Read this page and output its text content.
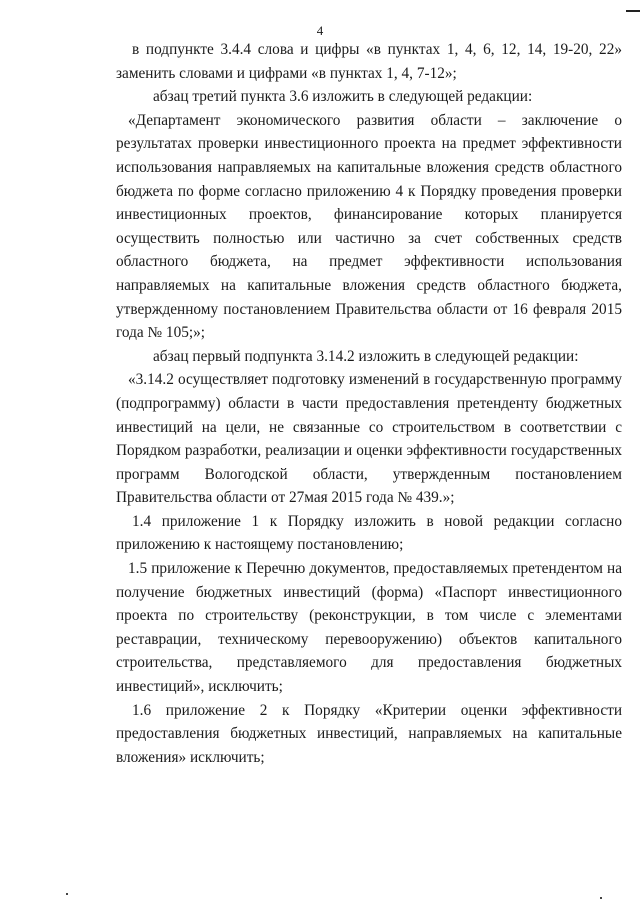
4

в подпункте 3.4.4 слова и цифры «в пунктах 1, 4, 6, 12, 14, 19-20, 22» заменить словами и цифрами «в пунктах 1, 4, 7-12»;

абзац третий пункта 3.6 изложить в следующей редакции:

«Департамент экономического развития области – заключение о результатах проверки инвестиционного проекта на предмет эффективности использования направляемых на капитальные вложения средств областного бюджета по форме согласно приложению 4 к Порядку проведения проверки инвестиционных проектов, финансирование которых планируется осуществить полностью или частично за счет собственных средств областного бюджета, на предмет эффективности использования направляемых на капитальные вложения средств областного бюджета, утвержденному постановлением Правительства области от 16 февраля 2015 года № 105;»;

абзац первый подпункта 3.14.2 изложить в следующей редакции:

«3.14.2 осуществляет подготовку изменений в государственную программу (подпрограмму) области в части предоставления претенденту бюджетных инвестиций на цели, не связанные со строительством в соответствии с Порядком разработки, реализации и оценки эффективности государственных программ Вологодской области, утвержденным постановлением Правительства области от 27мая 2015 года № 439.»;

1.4 приложение 1 к Порядку изложить в новой редакции согласно приложению к настоящему постановлению;

1.5 приложение к Перечню документов, предоставляемых претендентом на получение бюджетных инвестиций (форма) «Паспорт инвестиционного проекта по строительству (реконструкции, в том числе с элементами реставрации, техническому перевооружению) объектов капитального строительства, представляемого для предоставления бюджетных инвестиций», исключить;

1.6 приложение 2 к Порядку «Критерии оценки эффективности предоставления бюджетных инвестиций, направляемых на капитальные вложения» исключить;
